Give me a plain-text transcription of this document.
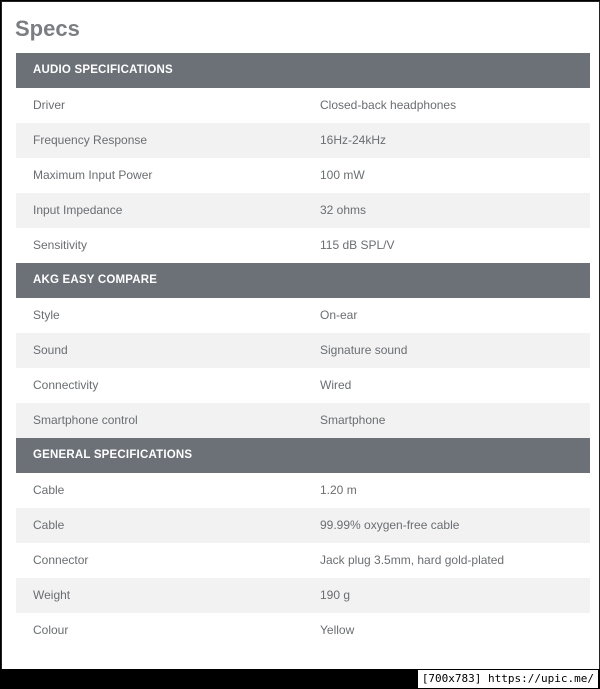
Specs
AUDIO SPECIFICATIONS
Driver	Closed-back headphones
Frequency Response	16Hz-24kHz
Maximum Input Power	100 mW
Input Impedance	32 ohms
Sensitivity	115 dB SPL/V
AKG EASY COMPARE
Style	On-ear
Sound	Signature sound
Connectivity	Wired
Smartphone control	Smartphone
GENERAL SPECIFICATIONS
Cable	1.20 m
Cable	99.99% oxygen-free cable
Connector	Jack plug 3.5mm, hard gold-plated
Weight	190 g
Colour	Yellow
[700x783] https://upic.me/
